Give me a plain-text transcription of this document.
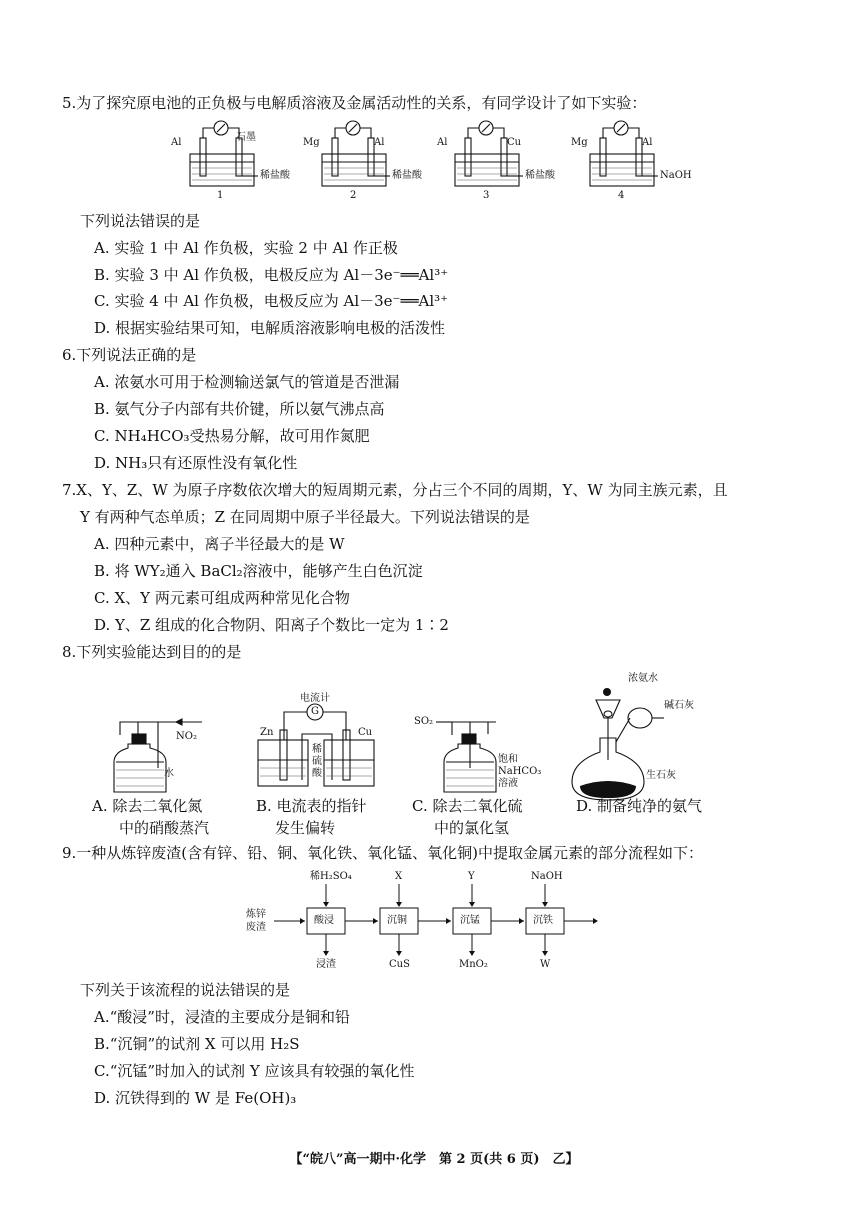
5.为了探究原电池的正负极与电解质溶液及金属活动性的关系，有同学设计了如下实验：
Al	石墨
稀盐酸
1
Mg	Al
稀盐酸
2
Al	Cu
稀盐酸
3
Mg	Al
NaOH
4
下列说法错误的是
A. 实验 1 中 Al 作负极，实验 2 中 Al 作正极
B. 实验 3 中 Al 作负极，电极反应为 Al－3e⁻══Al³⁺
C. 实验 4 中 Al 作负极，电极反应为 Al－3e⁻══Al³⁺
D. 根据实验结果可知，电解质溶液影响电极的活泼性
6.下列说法正确的是
A. 浓氨水可用于检测输送氯气的管道是否泄漏
B. 氨气分子内部有共价键，所以氨气沸点高
C. NH₄HCO₃受热易分解，故可用作氮肥
D. NH₃只有还原性没有氧化性
7.X、Y、Z、W 为原子序数依次增大的短周期元素，分占三个不同的周期，Y、W 为同主族元素，且
Y 有两种气态单质；Z 在同周期中原子半径最大。下列说法错误的是
A. 四种元素中，离子半径最大的是 W
B. 将 WY₂通入 BaCl₂溶液中，能够产生白色沉淀
C. X、Y 两元素可组成两种常见化合物
D. Y、Z 组成的化合物阴、阳离子个数比一定为 1∶2
8.下列实验能达到目的的是
NO₂
水
A. 除去二氧化氮
中的硝酸蒸汽
电流计
G
Zn	Cu
稀
硫
酸
B. 电流表的指针
发生偏转
SO₂
饱和
NaHCO₃
溶液
C. 除去二氧化硫
中的氯化氢
浓氨水
碱石灰
生石灰
D. 制备纯净的氨气
9.一种从炼锌废渣(含有锌、铅、铜、氧化铁、氧化锰、氧化铜)中提取金属元素的部分流程如下：
炼锌
废渣
酸浸	沉铜	沉锰	沉铁
稀H₂SO₄	X	Y	NaOH
浸渣	CuS	MnO₂	W
下列关于该流程的说法错误的是
A.“酸浸”时，浸渣的主要成分是铜和铅
B.“沉铜”的试剂 X 可以用 H₂S
C.“沉锰”时加入的试剂 Y 应该具有较强的氧化性
D. 沉铁得到的 W 是 Fe(OH)₃
【“皖八”高一期中·化学　第 2 页(共 6 页)　乙】
